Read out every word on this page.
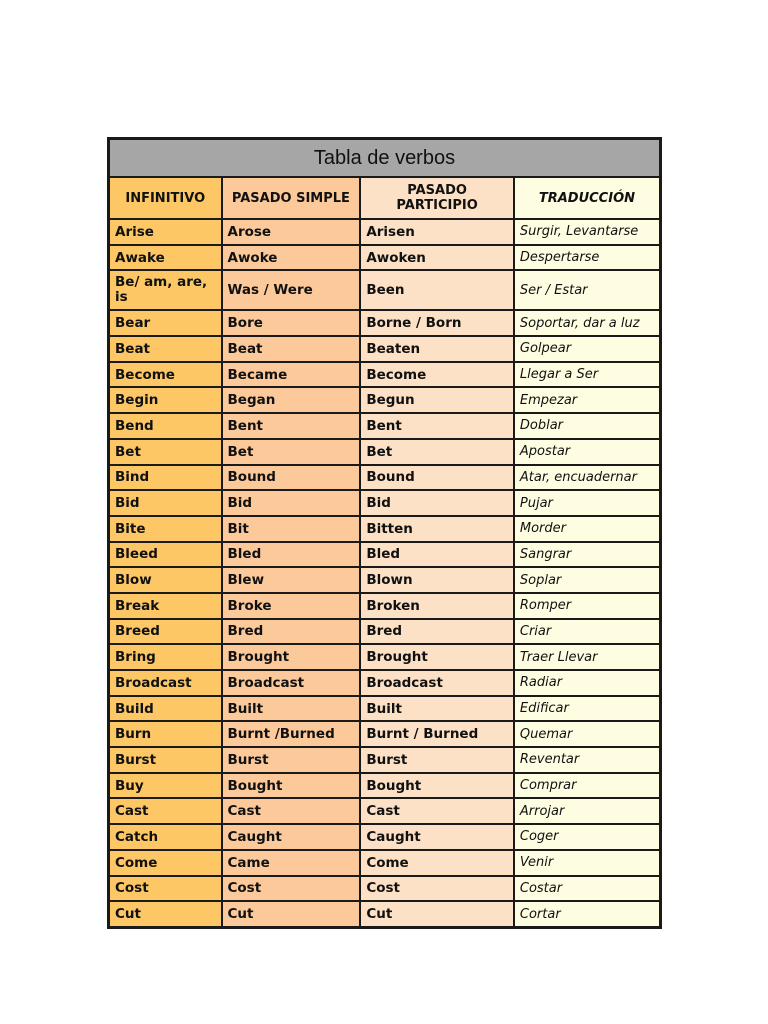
Tabla de verbos			
INFINITIVO	PASADO SIMPLE	PASADO PARTICIPIO	TRADUCCIÓN
Arise	Arose	Arisen	Surgir, Levantarse
Awake	Awoke	Awoken	Despertarse
Be/ am, are, is	Was / Were	Been	Ser / Estar
Bear	Bore	Borne / Born	Soportar, dar a luz
Beat	Beat	Beaten	Golpear
Become	Became	Become	Llegar a Ser
Begin	Began	Begun	Empezar
Bend	Bent	Bent	Doblar
Bet	Bet	Bet	Apostar
Bind	Bound	Bound	Atar, encuadernar
Bid	Bid	Bid	Pujar
Bite	Bit	Bitten	Morder
Bleed	Bled	Bled	Sangrar
Blow	Blew	Blown	Soplar
Break	Broke	Broken	Romper
Breed	Bred	Bred	Criar
Bring	Brought	Brought	Traer Llevar
Broadcast	Broadcast	Broadcast	Radiar
Build	Built	Built	Edificar
Burn	Burnt /Burned	Burnt / Burned	Quemar
Burst	Burst	Burst	Reventar
Buy	Bought	Bought	Comprar
Cast	Cast	Cast	Arrojar
Catch	Caught	Caught	Coger
Come	Came	Come	Venir
Cost	Cost	Cost	Costar
Cut	Cut	Cut	Cortar
